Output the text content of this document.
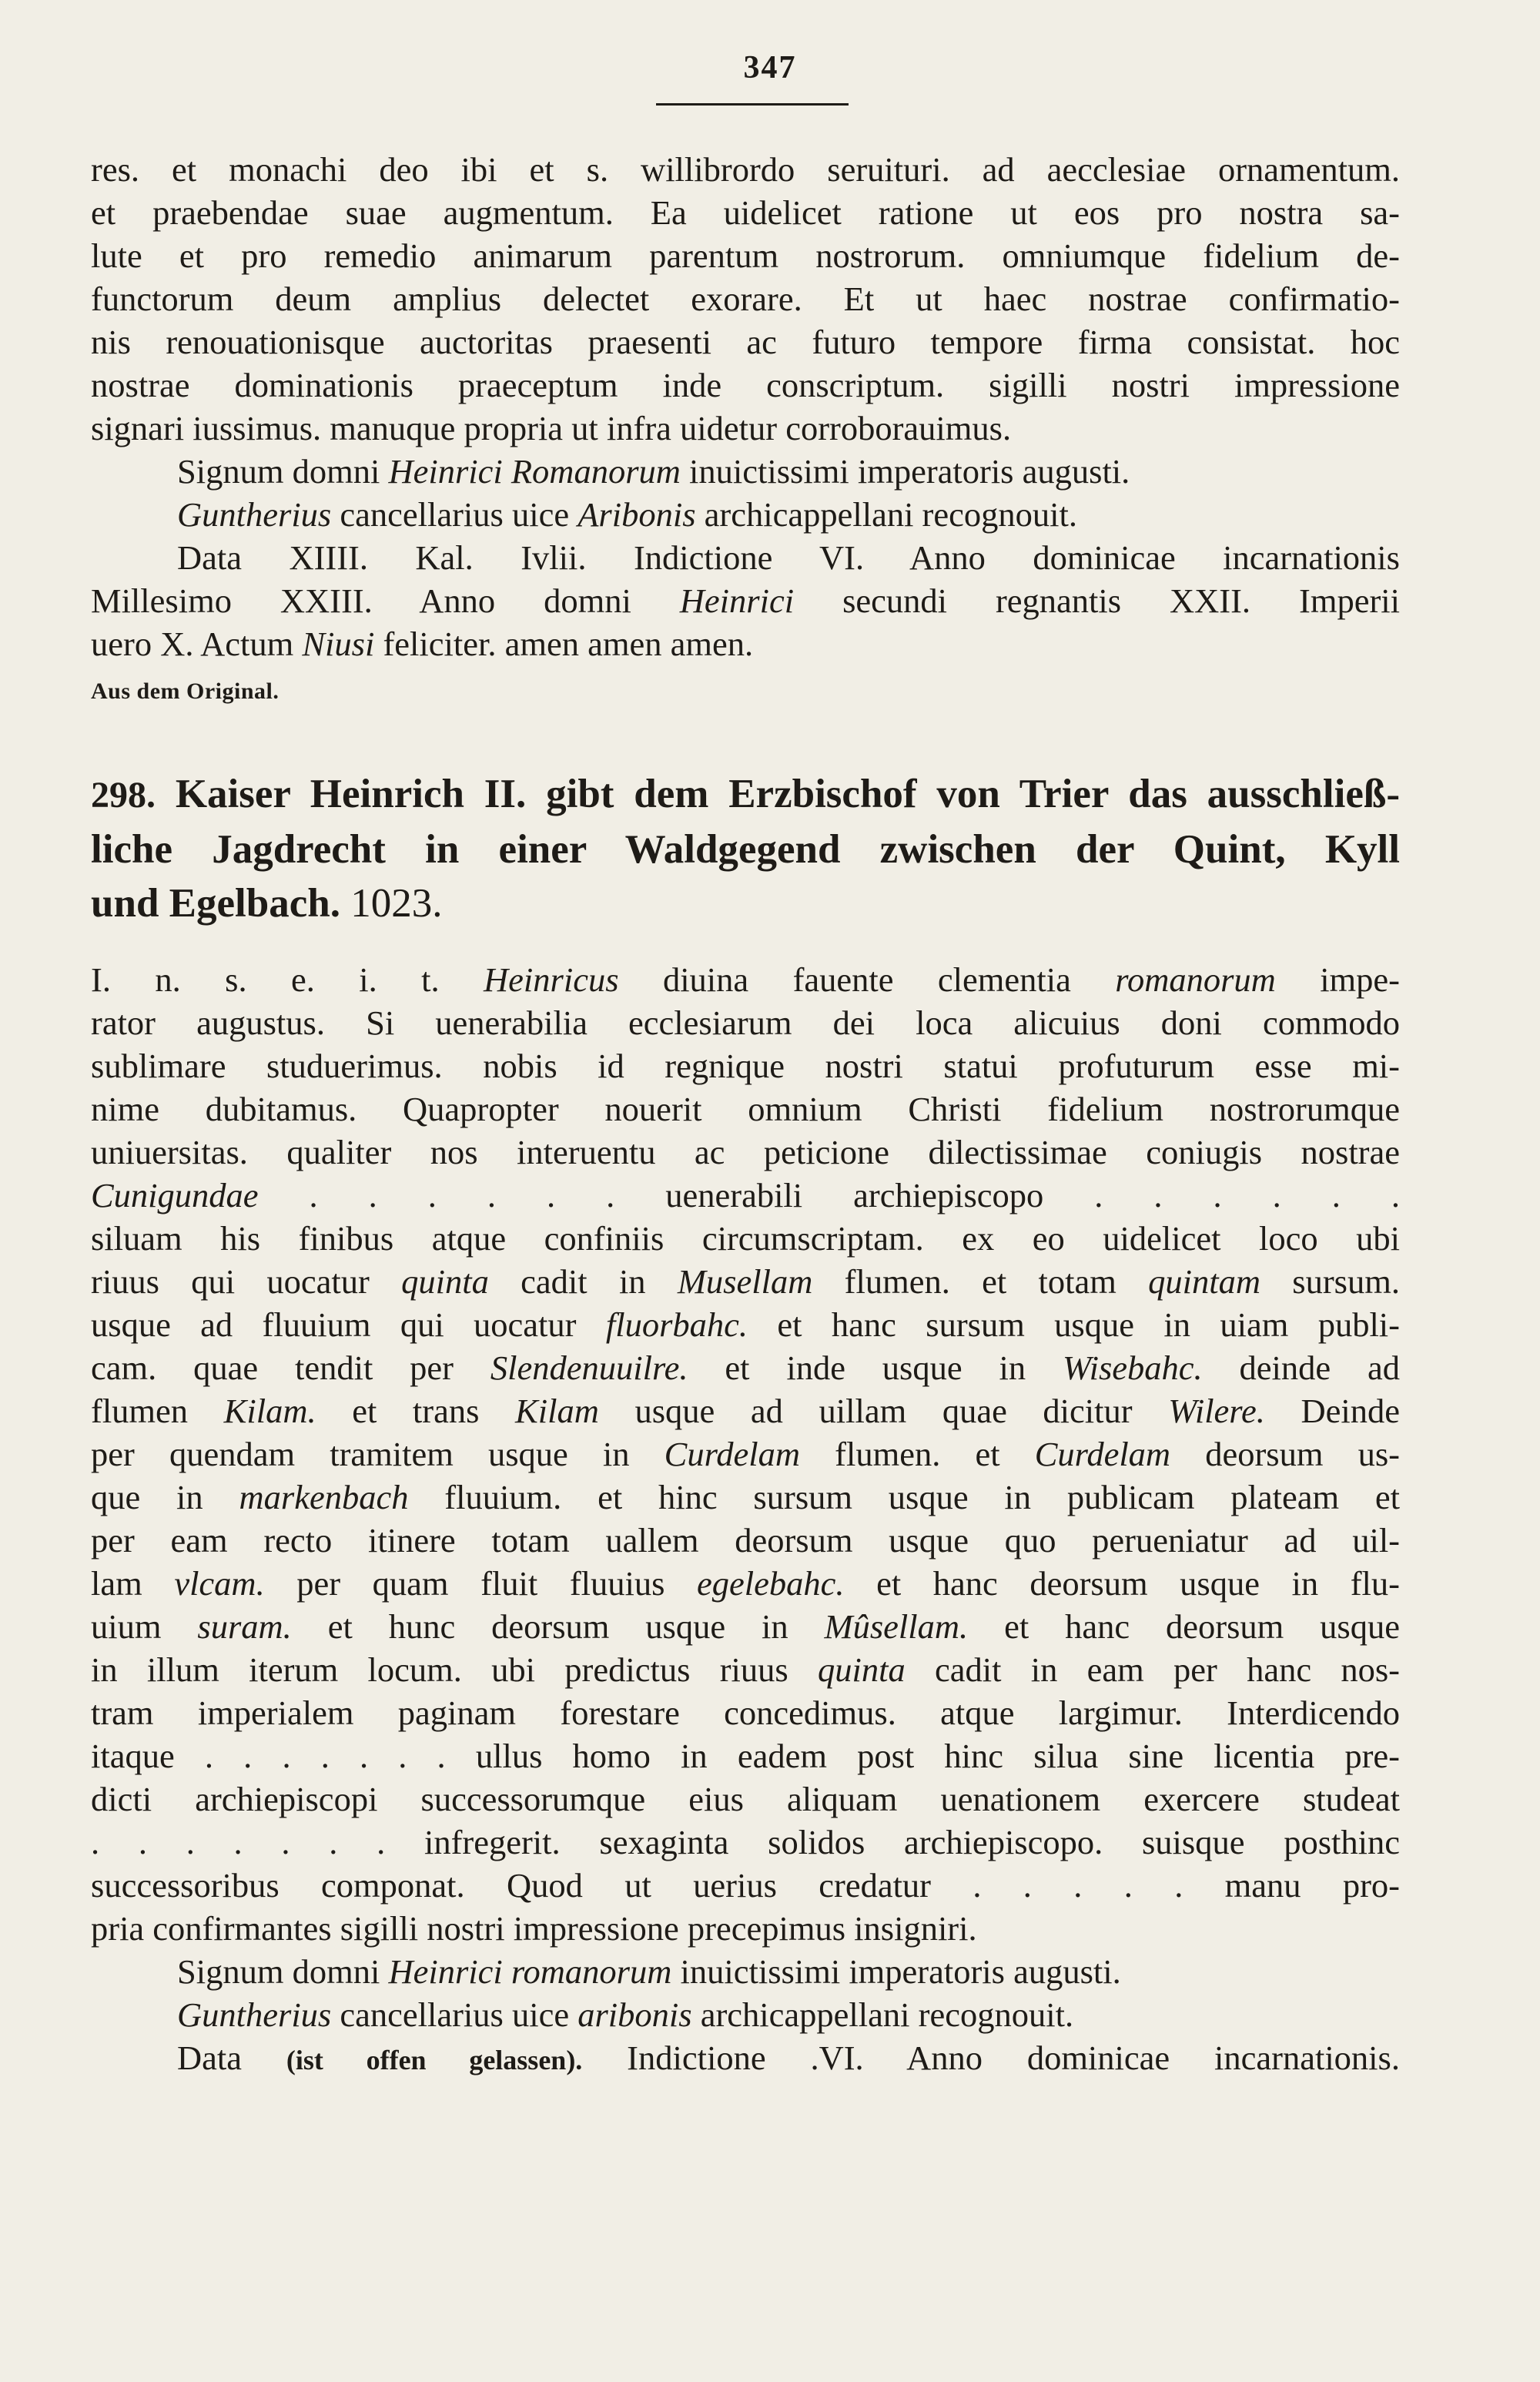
347
res. et monachi deo ibi et s. willibrordo seruituri. ad aecclesiae ornamentum.
et praebendae suae augmentum. Ea uidelicet ratione ut eos pro nostra sa-
lute et pro remedio animarum parentum nostrorum. omniumque fidelium de-
functorum deum amplius delectet exorare. Et ut haec nostrae confirmatio-
nis renouationisque auctoritas praesenti ac futuro tempore firma consistat. hoc
nostrae dominationis praeceptum inde conscriptum. sigilli nostri impressione
signari iussimus. manuque propria ut infra uidetur corroborauimus.
Signum domni Heinrici Romanorum inuictissimi imperatoris augusti.
Guntherius cancellarius uice Aribonis archicappellani recognouit.
Data XIIII. Kal. Ivlii. Indictione VI. Anno dominicae incarnationis
Millesimo XXIII. Anno domni Heinrici secundi regnantis XXII. Imperii
uero X. Actum Niusi feliciter. amen amen amen.
Aus dem Original.
298. Kaiser Heinrich II. gibt dem Erzbischof von Trier das ausschließ-
liche Jagdrecht in einer Waldgegend zwischen der Quint, Kyll
und Egelbach. 1023.
I. n. s. e. i. t. Heinricus diuina fauente clementia romanorum impe-
rator augustus. Si uenerabilia ecclesiarum dei loca alicuius doni commodo
sublimare studuerimus. nobis id regnique nostri statui profuturum esse mi-
nime dubitamus. Quapropter nouerit omnium Christi fidelium nostrorumque
uniuersitas. qualiter nos interuentu ac peticione dilectissimae coniugis nostrae
Cunigundae . . . . . . uenerabili archiepiscopo . . . . . .
siluam his finibus atque confiniis circumscriptam. ex eo uidelicet loco ubi
riuus qui uocatur quinta cadit in Musellam flumen. et totam quintam sursum.
usque ad fluuium qui uocatur fluorbahc. et hanc sursum usque in uiam publi-
cam. quae tendit per Slendenuuilre. et inde usque in Wisebahc. deinde ad
flumen Kilam. et trans Kilam usque ad uillam quae dicitur Wilere. Deinde
per quendam tramitem usque in Curdelam flumen. et Curdelam deorsum us-
que in markenbach fluuium. et hinc sursum usque in publicam plateam et
per eam recto itinere totam uallem deorsum usque quo perueniatur ad uil-
lam vlcam. per quam fluit fluuius egelebahc. et hanc deorsum usque in flu-
uium suram. et hunc deorsum usque in Mûsellam. et hanc deorsum usque
in illum iterum locum. ubi predictus riuus quinta cadit in eam per hanc nos-
tram imperialem paginam forestare concedimus. atque largimur. Interdicendo
itaque . . . . . . . ullus homo in eadem post hinc silua sine licentia pre-
dicti archiepiscopi successorumque eius aliquam uenationem exercere studeat
. . . . . . . infregerit. sexaginta solidos archiepiscopo. suisque posthinc
successoribus componat. Quod ut uerius credatur . . . . . manu pro-
pria confirmantes sigilli nostri impressione precepimus insigniri.
Signum domni Heinrici romanorum inuictissimi imperatoris augusti.
Guntherius cancellarius uice aribonis archicappellani recognouit.
Data (ist offen gelassen). Indictione .VI. Anno dominicae incarnationis.
